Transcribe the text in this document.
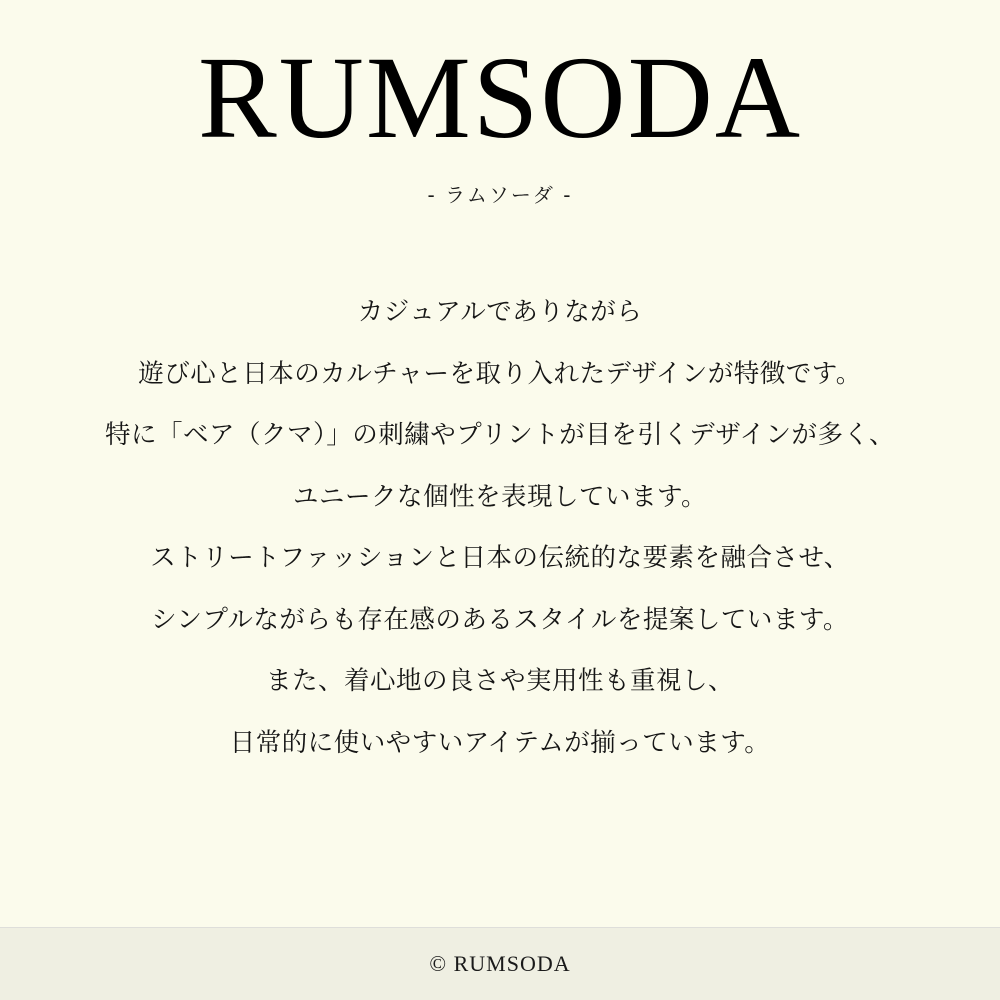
RUMSODA
- ラムソーダ -

カジュアルでありながら

遊び心と日本のカルチャーを取り入れたデザインが特徴です。

特に「ベア（クマ）」の刺繍やプリントが目を引くデザインが多く、

ユニークな個性を表現しています。

ストリートファッションと日本の伝統的な要素を融合させ、

シンプルながらも存在感のあるスタイルを提案しています。

また、着心地の良さや実用性も重視し、

日常的に使いやすいアイテムが揃っています。

© RUMSODA
